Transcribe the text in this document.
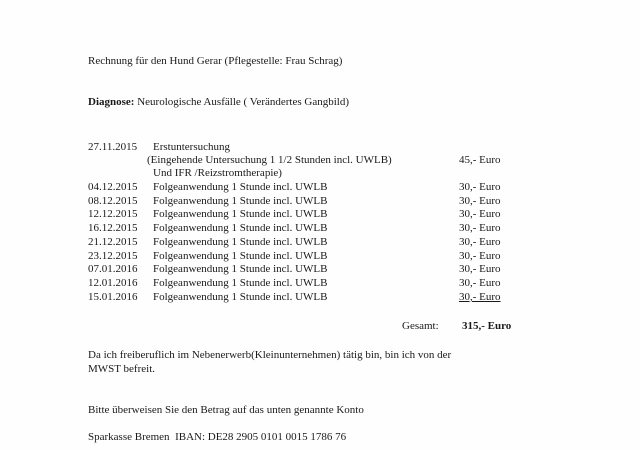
Rechnung für den Hund Gerar (Pflegestelle: Frau Schrag)
Diagnose: Neurologische Ausfälle ( Verändertes Gangbild)
27.11.2015 Erstuntersuchung
(Eingehende Untersuchung 1 1/2 Stunden incl. UWLB)	45,- Euro
Und IFR /Reizstromtherapie)
04.12.2015 Folgeanwendung 1 Stunde incl. UWLB	30,- Euro
08.12.2015 Folgeanwendung 1 Stunde incl. UWLB	30,- Euro
12.12.2015 Folgeanwendung 1 Stunde incl. UWLB	30,- Euro
16.12.2015 Folgeanwendung 1 Stunde incl. UWLB	30,- Euro
21.12.2015 Folgeanwendung 1 Stunde incl. UWLB	30,- Euro
23.12.2015 Folgeanwendung 1 Stunde incl. UWLB	30,- Euro
07.01.2016 Folgeanwendung 1 Stunde incl. UWLB	30,- Euro
12.01.2016 Folgeanwendung 1 Stunde incl. UWLB	30,- Euro
15.01.2016 Folgeanwendung 1 Stunde incl. UWLB	30,- Euro
Gesamt: 315,- Euro
Da ich freiberuflich im Nebenerwerb(Kleinunternehmen) tätig bin, bin ich von der
MWST befreit.
Bitte überweisen Sie den Betrag auf das unten genannte Konto
Sparkasse Bremen IBAN: DE28 2905 0101 0015 1786 76
